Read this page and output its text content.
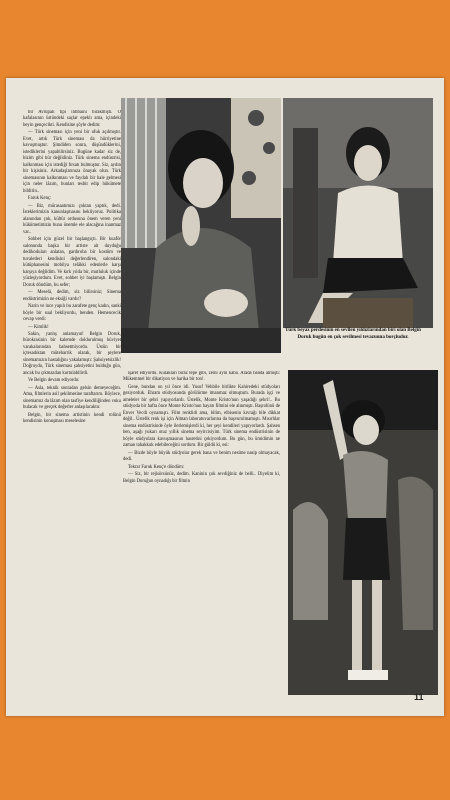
bir Avrupalı tipi intibaını bırakmıştı. O kafalasının üstündeki saçlar epeklı ama, içindeki beyin gençecikti. Kendisine şöyle dedim:

— Türk sineması için yeni bir ufuk açılmıştır. Evet, artık Türk sineması da hürriyetine kavuşmuştur. Şimdiden sonra, düşündüklerini, istediklerini yapabilirsiniz. Bugüne kadar siz de, bizim gibi hür değildiniz. Türk sinema endüstrisi, kalkınması için istediği fırsatı bulmuştur. Siz, aydın bir kişisiniz. Arkadaşlarınıza önayak olun. Türk sinemasının kalkınması ve faydalı bir hale gelmesi için neler lâzım, bunları tesbit edip hükümete bildirin..

Faruk Kenç:

— Biz, mürasaatımızı çoktan yaptık, dedi. İsteklerimizin kanunlaşmasını bekliyoruz. Politika alanından çok, kültür ordusuna önem veren yeni hükümetimizin bunu önemle ele alacağına inanmaz var..

Sohbet için güzel bir başlangıçtı. Bir kuaför salonunda başka bir artiste ait duyduğu dedikoduları anlatan, gardıroba bir kostüm ve tuvaletleri kendisini değerlendiren, salondaki kütüphanesini mobilya telâkki edenlerle karşı karşıya değildim. Ve kırk yılda bir, mutluluk içinde yüzleşiyordum. Evet, sohbet iyi başlamıştı. Belgin Doruk döndüm, bu sefer;

— Meselâ, dedim, siz bilirsiniz; Sinema endüstrimizin ne eksiği vardır?

Narin ve ince yapılı bu zarafete genç kadın, sanki böyle bir sual bekliyordu, benden. Hemencecik cevap verdi:

— Kimlik!

Sakin, yanlış anlamayın! Belgin Doruk, bürokrasinin bir kalemde doldurulmuş hüviyet varakalarından bahsetmiyordu. Üstün bir içtesadıktan müteharrik olarak, bir şeylere sinemamızın hastalığını yakalamıştı: Şahsiyetsizlik! Doğruydu, Türk sineması şahsiyetini bulduğu gün, ancak bu çıkmazdan kurtulabilirdi.

Ve Belgin devam ediyordu:

— Asla, teknik sonradan gelsin demeyeceğim. Ama, filmlerin asil şekilmesine taraftarım. Böylece, sinemamız da lâzım olan tasfiye kendiliğinden vuku bulacak ve gerçek değerler anlaşılacaktır.

Belgin, bir sinema artistinin kendi rolünü kendisinin konuşması meselesine

Türk beyaz perdesinin en sevilen yıldızlarından biri olan Belgin Doruk bugün en çok sevilmesi tevazuuna borçludur.

işaret ediyordu. Kulakları biraz tepe gibi, zeini ayni kaba. Arada banda almıştı: Mükemmel bir dikatiyon ve harika bir ton!.

Gene, bundan on yıl önce idi. Yusuf Vehbile birlikte Kahiredeki stüdyoları geziyorduk. Ehram stüdyosunda görülürme imanmaz olmuştum. Burada işçi ve ameleler bir şehri yapıyorlardı. Üstelik, Monte Kristo'nun yaşadığı şehri!.. Bu stüdyoda bir hafta önce Monte Kristo'nun hayatı filmini ele alınmıştı. Başrolünü de Enver Vecdi oynamıştı. Film renklidi ama, bilim, elbisenin kıvrağı bile dikkat değil.. Üstelik renk işi için Alman laboratuvarlarına da başvurulmamıştı. Mısırlılar sinema endüstrisinde öyle ilerlemişlerdi ki, her şeyi kendileri yapıyorlardı. Şahsen ben, aşağı yukarı otuz yıllık sinema seyircisiyim. Türk sinema endüstrisinin de böyle stüdyolara kavuşmasının hasretini çekiyordum. Bu gün, bu ümidimin ne zaman tahakkuk edebileceğini sordum. Bir güldü ki, esi:

— Bizde böyle büyük stüdyolar gerek bana ve benim nesime nasip olmayacak, dedi.

Tekrar Faruk Kenç'e döndüm:

— Siz, bir rejisörsünüz, dedim. Kaninin çok sevdiğiniz de belli.. Diyelim ki, Belgin Doruğun oynadığı bir filmin

11
